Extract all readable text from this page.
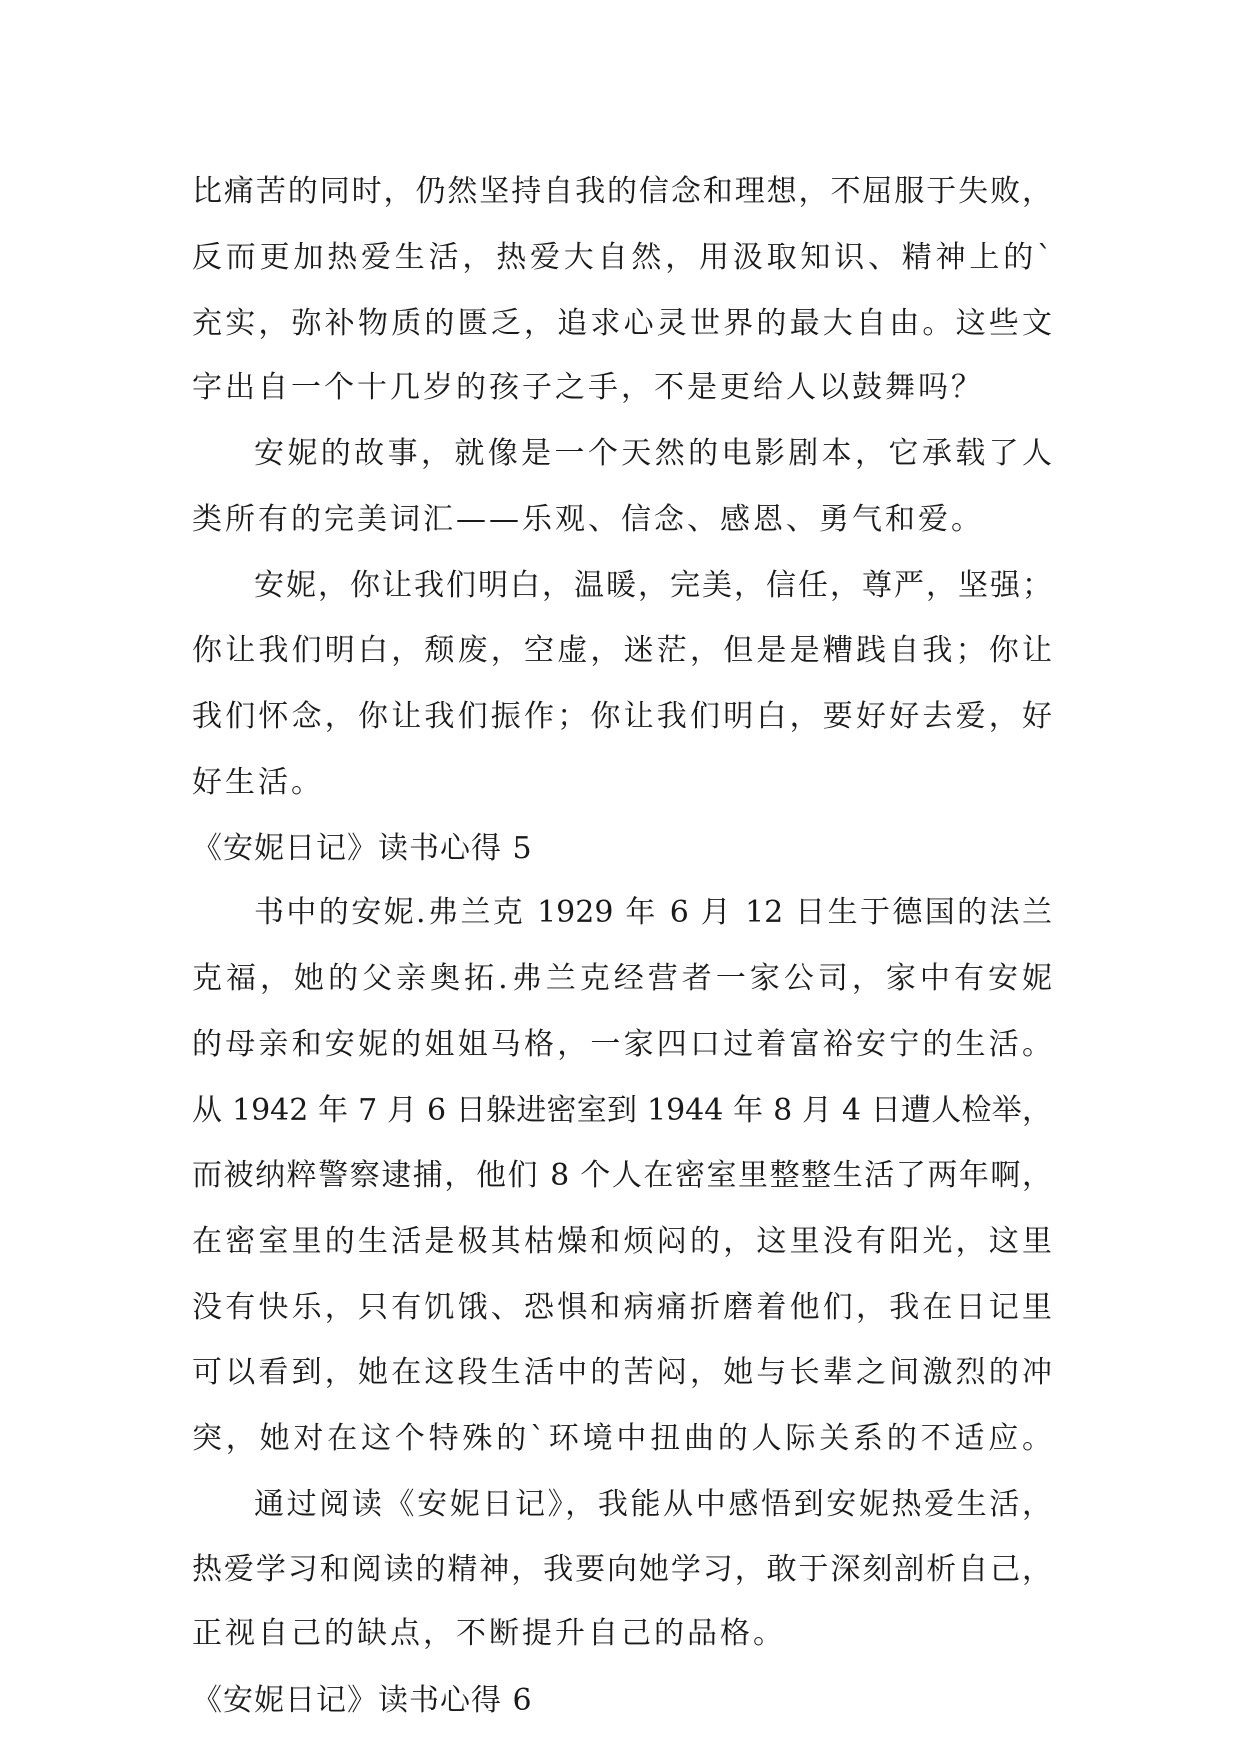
比痛苦的同时，仍然坚持自我的信念和理想，不屈服于失败，
反而更加热爱生活，热爱大自然，用汲取知识、精神上的`
充实，弥补物质的匮乏，追求心灵世界的最大自由。这些文
字出自一个十几岁的孩子之手，不是更给人以鼓舞吗？
安妮的故事，就像是一个天然的电影剧本，它承载了人
类所有的完美词汇——乐观、信念、感恩、勇气和爱。
安妮，你让我们明白，温暖，完美，信任，尊严，坚强；
你让我们明白，颓废，空虚，迷茫，但是是糟践自我；你让
我们怀念，你让我们振作；你让我们明白，要好好去爱，好
好生活。
《安妮日记》读书心得 5
书中的安妮.弗兰克 1929 年 6 月 12 日生于德国的法兰
克福，她的父亲奥拓.弗兰克经营者一家公司，家中有安妮
的母亲和安妮的姐姐马格，一家四口过着富裕安宁的生活。
从 1942 年 7 月 6 日躲进密室到 1944 年 8 月 4 日遭人检举，
而被纳粹警察逮捕，他们 8 个人在密室里整整生活了两年啊，
在密室里的生活是极其枯燥和烦闷的，这里没有阳光，这里
没有快乐，只有饥饿、恐惧和病痛折磨着他们，我在日记里
可以看到，她在这段生活中的苦闷，她与长辈之间激烈的冲
突，她对在这个特殊的`环境中扭曲的人际关系的不适应。
通过阅读《安妮日记》，我能从中感悟到安妮热爱生活，
热爱学习和阅读的精神，我要向她学习，敢于深刻剖析自己，
正视自己的缺点，不断提升自己的品格。
《安妮日记》读书心得 6
